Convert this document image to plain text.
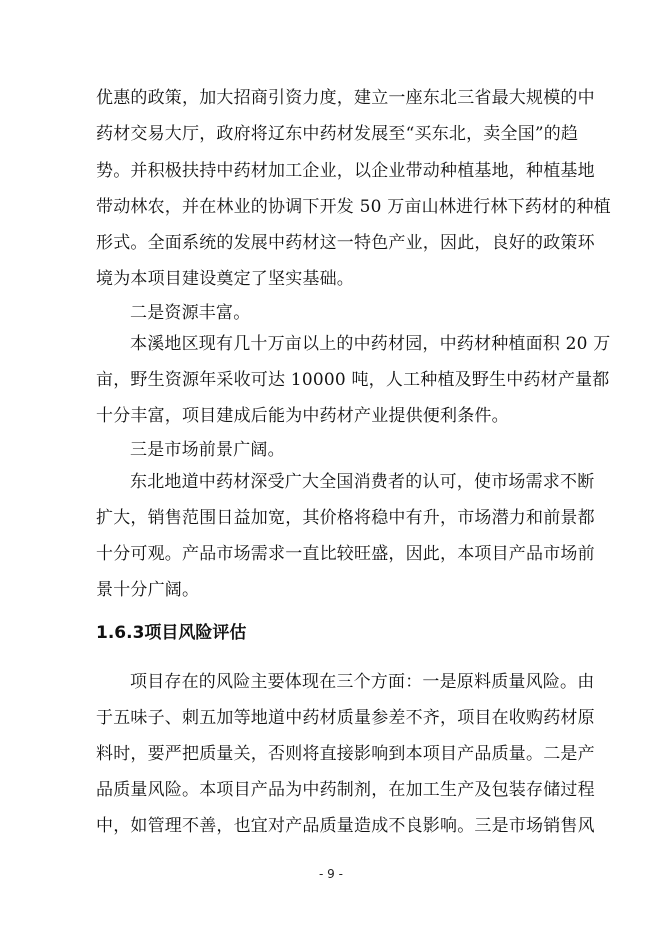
优惠的政策，加大招商引资力度，建立一座东北三省最大规模的中
药材交易大厅，政府将辽东中药材发展至“买东北，卖全国”的趋
势。并积极扶持中药材加工企业，以企业带动种植基地，种植基地
带动林农，并在林业的协调下开发 50 万亩山林进行林下药材的种植
形式。全面系统的发展中药材这一特色产业，因此，良好的政策环
境为本项目建设奠定了坚实基础。
二是资源丰富。
本溪地区现有几十万亩以上的中药材园，中药材种植面积 20 万
亩，野生资源年采收可达 10000 吨，人工种植及野生中药材产量都
十分丰富，项目建成后能为中药材产业提供便利条件。
三是市场前景广阔。
东北地道中药材深受广大全国消费者的认可，使市场需求不断
扩大，销售范围日益加宽，其价格将稳中有升，市场潜力和前景都
十分可观。产品市场需求一直比较旺盛，因此，本项目产品市场前
景十分广阔。
1.6.3项目风险评估
项目存在的风险主要体现在三个方面：一是原料质量风险。由
于五味子、刺五加等地道中药材质量参差不齐，项目在收购药材原
料时，要严把质量关，否则将直接影响到本项目产品质量。二是产
品质量风险。本项目产品为中药制剂，在加工生产及包装存储过程
中，如管理不善，也宜对产品质量造成不良影响。三是市场销售风
- 9 -
